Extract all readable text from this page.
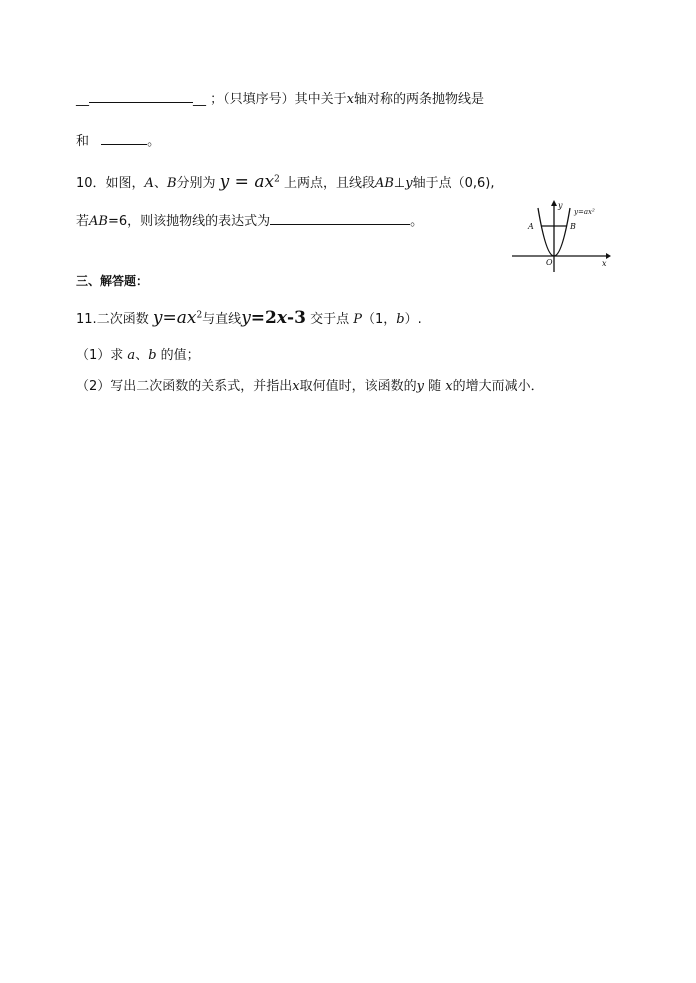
__	__ ；（只填序号）其中关于x轴对称的两条抛物线是
和	。
10．如图，A、B分别为 $y = ax^2$ 上两点，且线段AB⊥y轴于点（0,6),
若AB=6，则该抛物线的表达式为	。
y
y=ax²
A	B
O	x
三、解答题：
11.二次函数 $y=ax^2$与直线y=2x-3 交于点 P（1，b）.
（1）求 a、b 的值；
（2）写出二次函数的关系式，并指出x取何值时，该函数的y 随 x的增大而减小．
